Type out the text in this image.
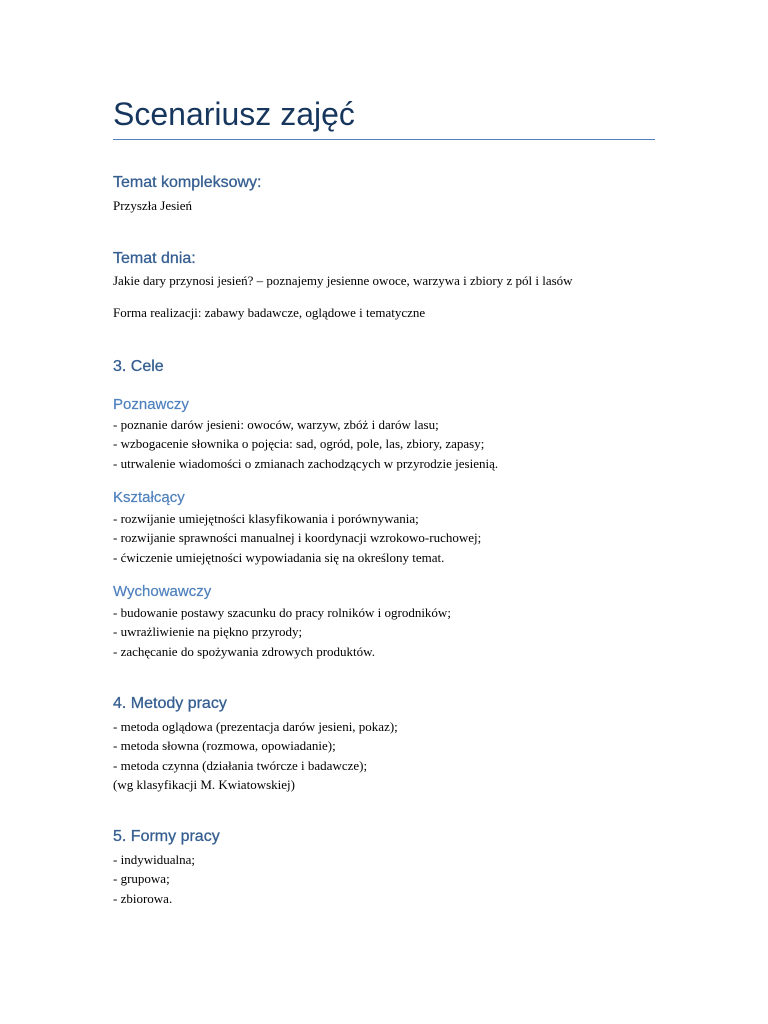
Scenariusz zajęć
Temat kompleksowy:

Przyszła Jesień

Temat dnia:

Jakie dary przynosi jesień? – poznajemy jesienne owoce, warzywa i zbiory z pól i lasów

Forma realizacji: zabawy badawcze, oglądowe i tematyczne

3. Cele
Poznawczy

- poznanie darów jesieni: owoców, warzyw, zbóż i darów lasu;
- wzbogacenie słownika o pojęcia: sad, ogród, pole, las, zbiory, zapasy;
- utrwalenie wiadomości o zmianach zachodzących w przyrodzie jesienią.

Kształcący

- rozwijanie umiejętności klasyfikowania i porównywania;
- rozwijanie sprawności manualnej i koordynacji wzrokowo-ruchowej;
- ćwiczenie umiejętności wypowiadania się na określony temat.

Wychowawczy

- budowanie postawy szacunku do pracy rolników i ogrodników;
- uwrażliwienie na piękno przyrody;
- zachęcanie do spożywania zdrowych produktów.

4. Metody pracy

- metoda oglądowa (prezentacja darów jesieni, pokaz);
- metoda słowna (rozmowa, opowiadanie);
- metoda czynna (działania twórcze i badawcze);
(wg klasyfikacji M. Kwiatowskiej)

5. Formy pracy

- indywidualna;
- grupowa;
- zbiorowa.
